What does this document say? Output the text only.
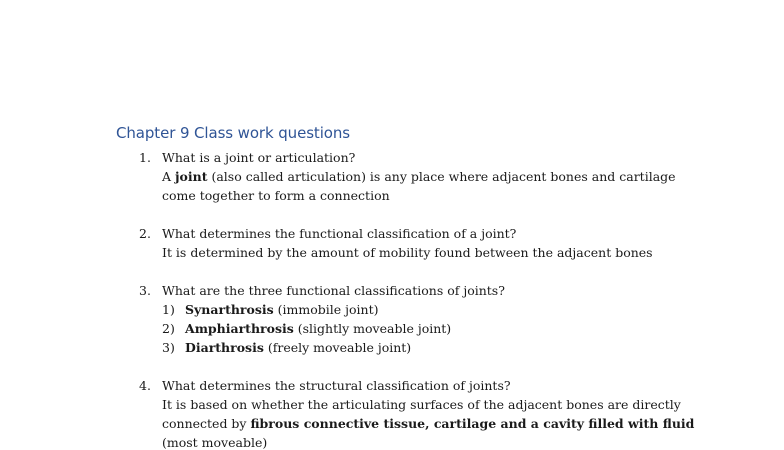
Chapter 9 Class work questions
1. What is a joint or articulation?
A joint (also called articulation) is any place where adjacent bones and cartilage
come together to form a connection
2. What determines the functional classification of a joint?
It is determined by the amount of mobility found between the adjacent bones
3. What are the three functional classifications of joints?
1) Synarthrosis (immobile joint)
2) Amphiarthrosis (slightly moveable joint)
3) Diarthrosis (freely moveable joint)
4. What determines the structural classification of joints?
It is based on whether the articulating surfaces of the adjacent bones are directly
connected by fibrous connective tissue, cartilage and a cavity filled with fluid
(most moveable)
